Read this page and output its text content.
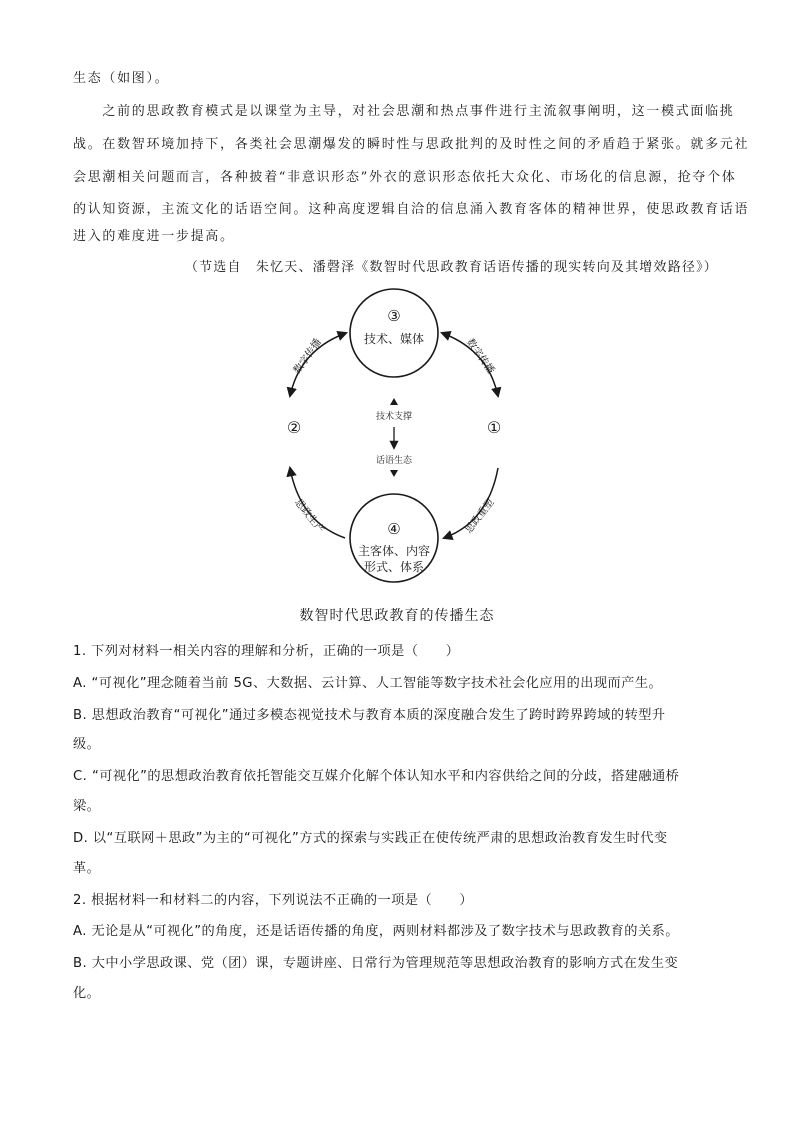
生态（如图）。
　　之前的思政教育模式是以课堂为主导，对社会思潮和热点事件进行主流叙事阐明，这一模式面临挑
战。在数智环境加持下，各类社会思潮爆发的瞬时性与思政批判的及时性之间的矛盾趋于紧张。就多元社
会思潮相关问题而言，各种披着“非意识形态”外衣的意识形态依托大众化、市场化的信息源，抢夺个体
的认知资源，主流文化的话语空间。这种高度逻辑自洽的信息涌入教育客体的精神世界，使思政教育话语
进入的难度进一步提高。
（节选自　朱忆天、潘磬泽《数智时代思政教育话语传播的现实转向及其增效路径》）
③
技术、媒体
④
主客体、内容
形式、体系
②	①
数字传播	数字传播
思政生产	思政重塑
技术支撑
话语生态
数智时代思政教育的传播生态
1. 下列对材料一相关内容的理解和分析，正确的一项是（　　）
A. “可视化”理念随着当前 5G、大数据、云计算、人工智能等数字技术社会化应用的出现而产生。
B. 思想政治教育“可视化”通过多模态视觉技术与教育本质的深度融合发生了跨时跨界跨域的转型升
级。
C. “可视化”的思想政治教育依托智能交互媒介化解个体认知水平和内容供给之间的分歧，搭建融通桥
梁。
D. 以“互联网＋思政”为主的“可视化”方式的探索与实践正在使传统严肃的思想政治教育发生时代变
革。
2. 根据材料一和材料二的内容，下列说法不正确的一项是（　　）
A. 无论是从“可视化”的角度，还是话语传播的角度，两则材料都涉及了数字技术与思政教育的关系。
B. 大中小学思政课、党（团）课，专题讲座、日常行为管理规范等思想政治教育的影响方式在发生变
化。
